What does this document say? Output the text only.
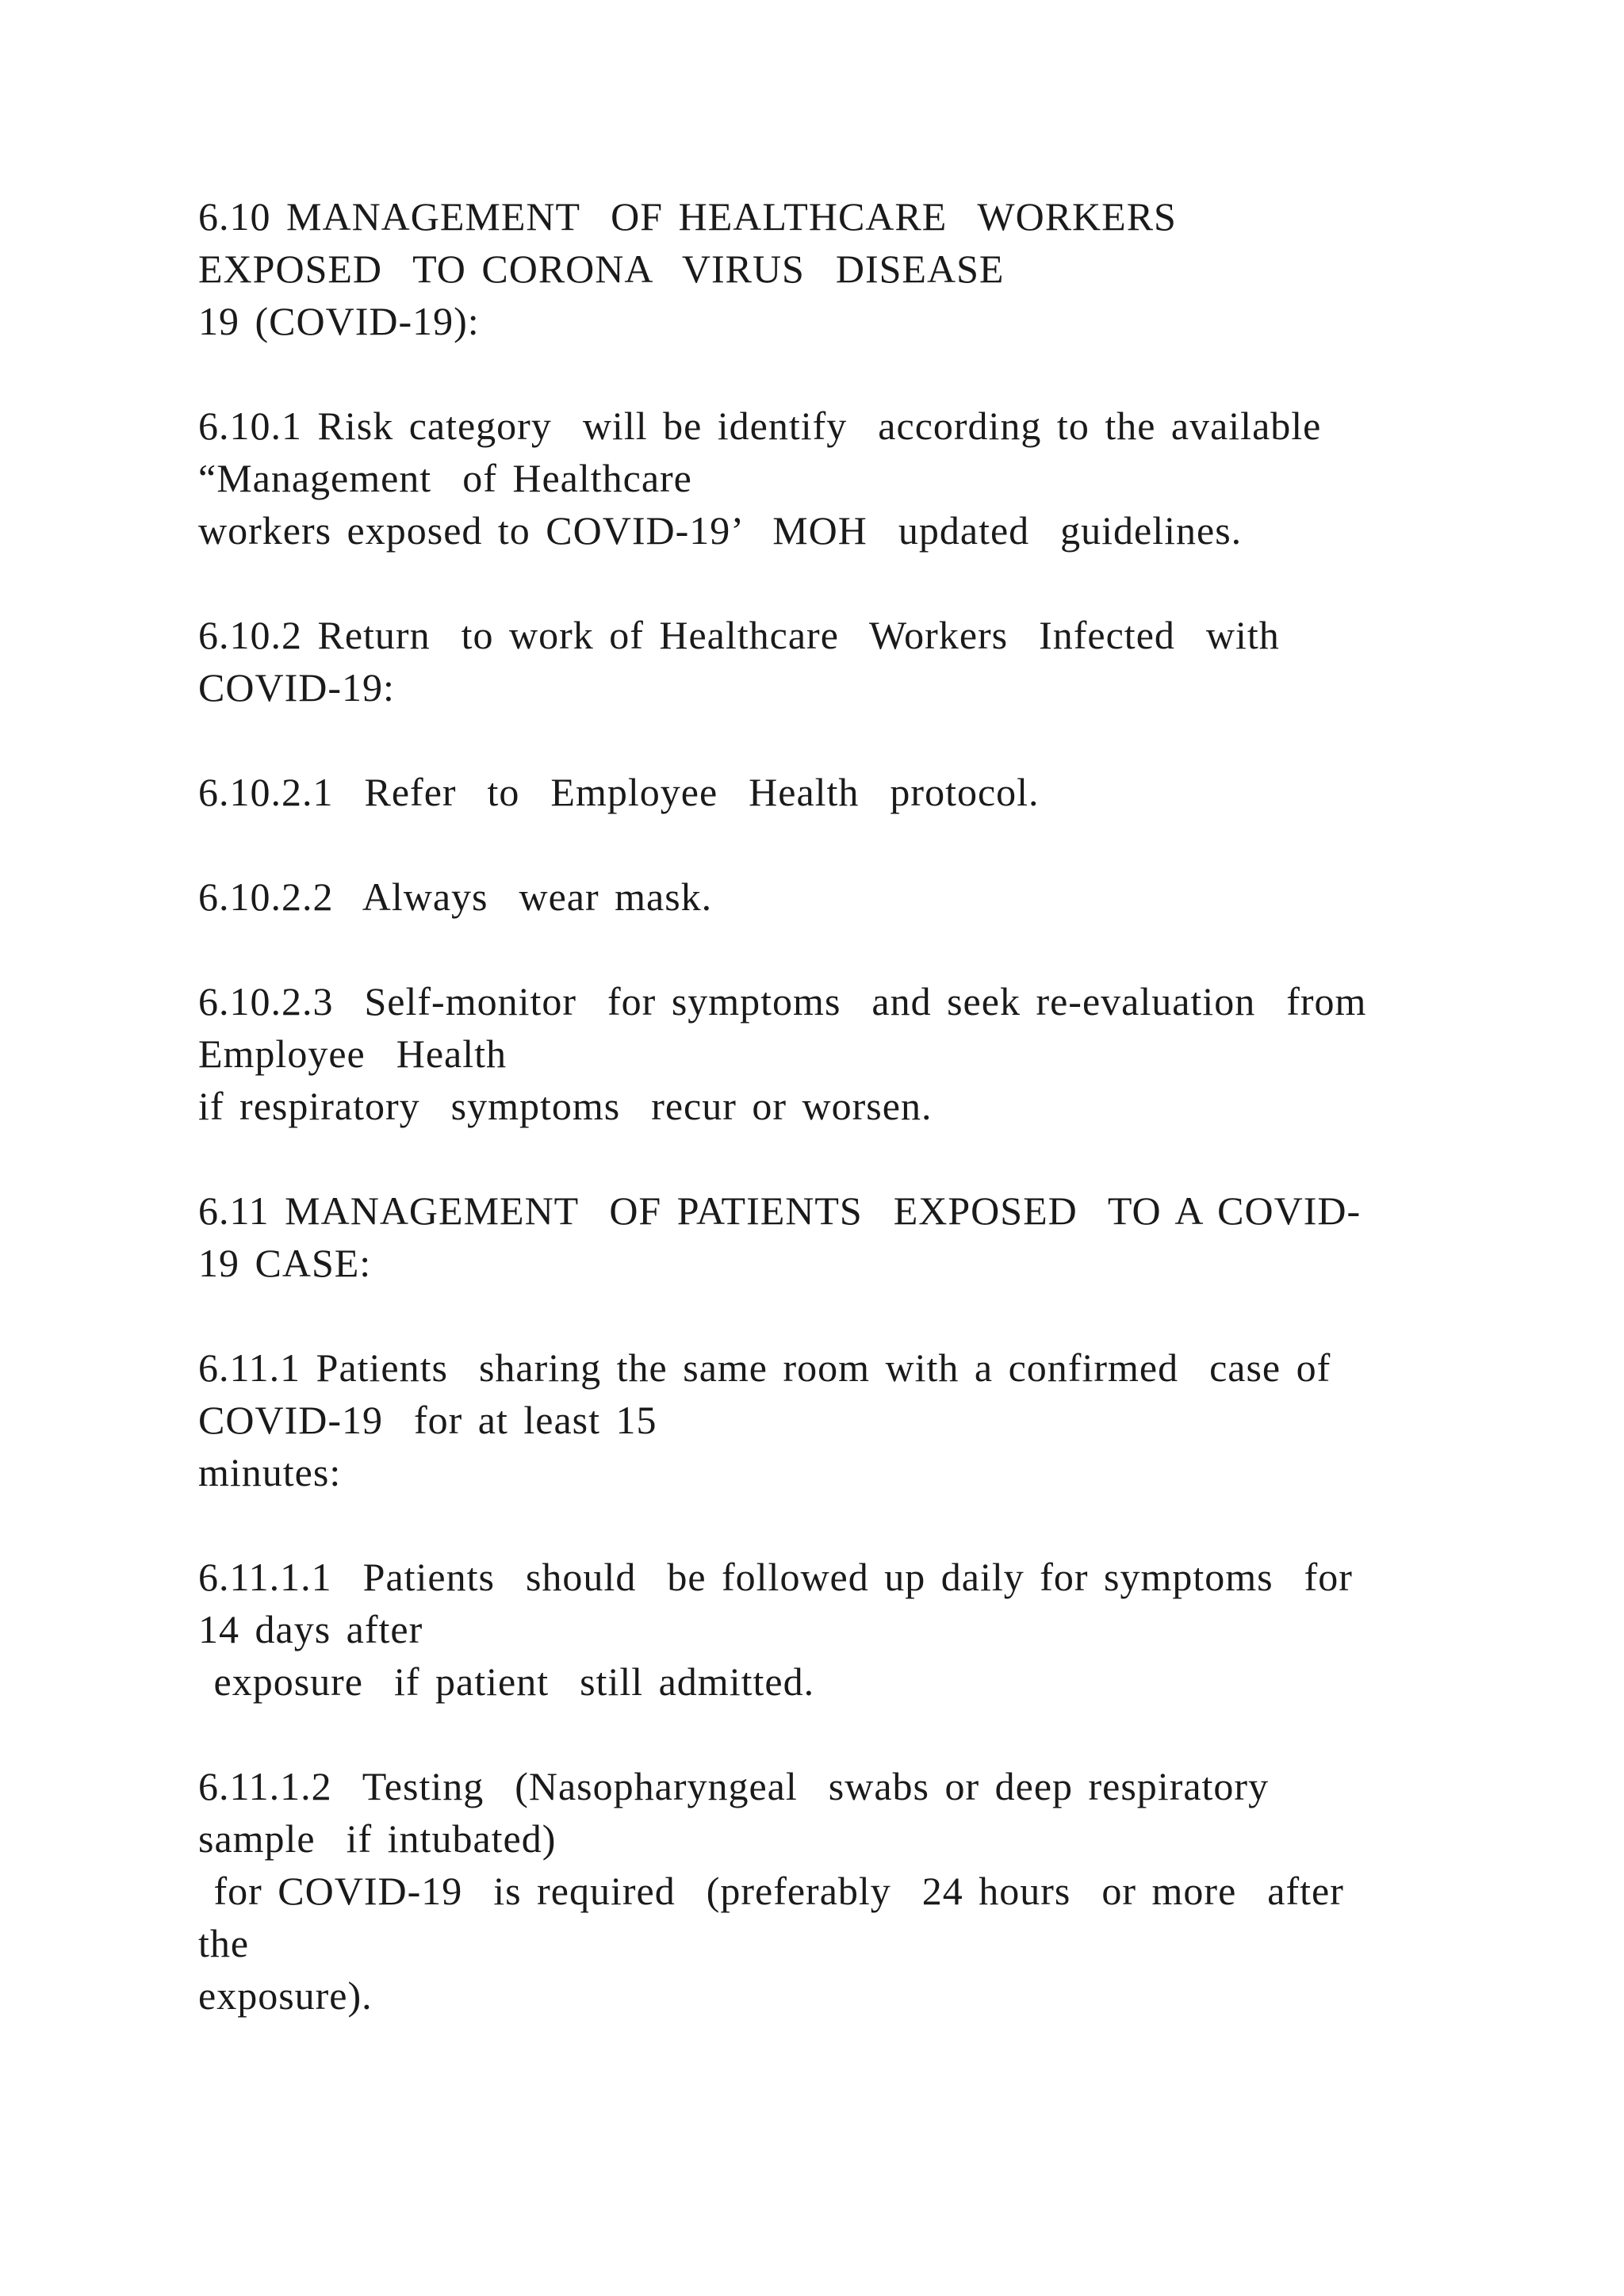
6.10 MANAGEMENT  OF HEALTHCARE  WORKERS
EXPOSED  TO CORONA  VIRUS  DISEASE
19 (COVID-19):

6.10.1 Risk category  will be identify  according to the available
“Management  of Healthcare
workers exposed to COVID-19’  MOH  updated  guidelines.

6.10.2 Return  to work of Healthcare  Workers  Infected  with
COVID-19:

6.10.2.1  Refer  to  Employee  Health  protocol.

6.10.2.2  Always  wear mask.

6.10.2.3  Self-monitor  for symptoms  and seek re-evaluation  from
Employee  Health
if respiratory  symptoms  recur or worsen.

6.11 MANAGEMENT  OF PATIENTS  EXPOSED  TO A COVID-
19 CASE:

6.11.1 Patients  sharing the same room with a confirmed  case of
COVID-19  for at least 15
minutes:

6.11.1.1  Patients  should  be followed up daily for symptoms  for
14 days after
exposure  if patient  still admitted.

6.11.1.2  Testing  (Nasopharyngeal  swabs or deep respiratory
sample  if intubated)
for COVID-19  is required  (preferably  24 hours  or more  after
the
exposure).
